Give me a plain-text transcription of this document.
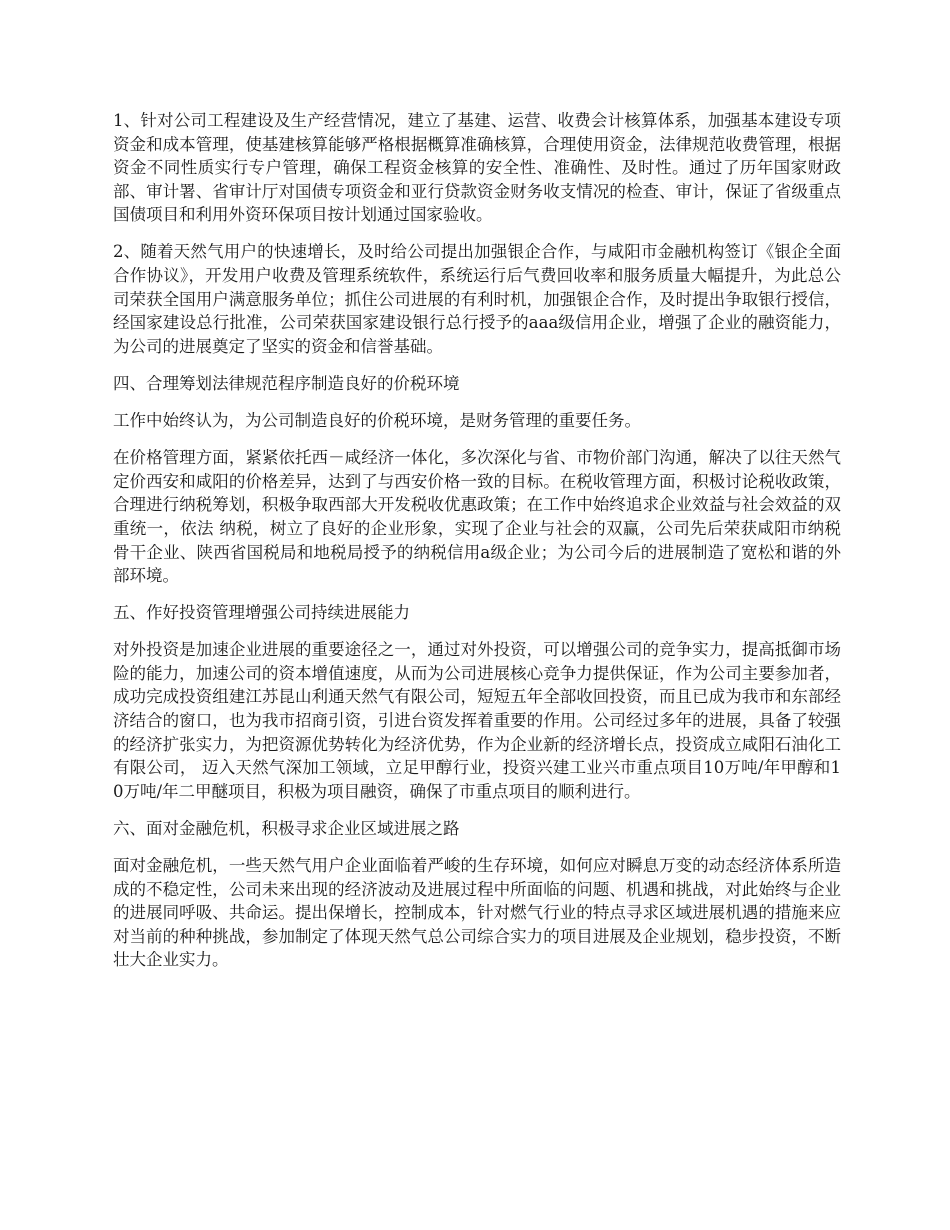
1、针对公司工程建设及生产经营情况，建立了基建、运营、收费会计核算体系，加强基本建设专项资金和成本管理，使基建核算能够严格根据概算准确核算，合理使用资金，法律规范收费管理，根据资金不同性质实行专户管理，确保工程资金核算的安全性、准确性、及时性。通过了历年国家财政部、审计署、省审计厅对国债专项资金和亚行贷款资金财务收支情况的检查、审计，保证了省级重点国债项目和利用外资环保项目按计划通过国家验收。

2、随着天然气用户的快速增长，及时给公司提出加强银企合作，与咸阳市金融机构签订《银企全面合作协议》，开发用户收费及管理系统软件，系统运行后气费回收率和服务质量大幅提升，为此总公司荣获全国用户满意服务单位；抓住公司进展的有利时机，加强银企合作，及时提出争取银行授信，经国家建设总行批准，公司荣获国家建设银行总行授予的aaa级信用企业，增强了企业的融资能力，为公司的进展奠定了坚实的资金和信誉基础。

四、合理筹划法律规范程序制造良好的价税环境

工作中始终认为，为公司制造良好的价税环境，是财务管理的重要任务。

在价格管理方面，紧紧依托西－咸经济一体化，多次深化与省、市物价部门沟通，解决了以往天然气定价西安和咸阳的价格差异，达到了与西安价格一致的目标。在税收管理方面，积极讨论税收政策，合理进行纳税筹划，积极争取西部大开发税收优惠政策；在工作中始终追求企业效益与社会效益的双重统一，依法 纳税，树立了良好的企业形象，实现了企业与社会的双赢，公司先后荣获咸阳市纳税骨干企业、陕西省国税局和地税局授予的纳税信用a级企业；为公司今后的进展制造了宽松和谐的外部环境。

五、作好投资管理增强公司持续进展能力

对外投资是加速企业进展的重要途径之一，通过对外投资，可以增强公司的竞争实力，提高抵御市场险的能力，加速公司的资本增值速度，从而为公司进展核心竞争力提供保证，作为公司主要参加者，成功完成投资组建江苏昆山利通天然气有限公司，短短五年全部收回投资，而且已成为我市和东部经济结合的窗口，也为我市招商引资，引进台资发挥着重要的作用。公司经过多年的进展，具备了较强的经济扩张实力，为把资源优势转化为经济优势，作为企业新的经济增长点，投资成立咸阳石油化工有限公司， 迈入天然气深加工领域，立足甲醇行业，投资兴建工业兴市重点项目10万吨/年甲醇和10万吨/年二甲醚项目，积极为项目融资，确保了市重点项目的顺利进行。

六、面对金融危机，积极寻求企业区域进展之路

面对金融危机，一些天然气用户企业面临着严峻的生存环境，如何应对瞬息万变的动态经济体系所造成的不稳定性，公司未来出现的经济波动及进展过程中所面临的问题、机遇和挑战，对此始终与企业的进展同呼吸、共命运。提出保增长，控制成本，针对燃气行业的特点寻求区域进展机遇的措施来应对当前的种种挑战，参加制定了体现天然气总公司综合实力的项目进展及企业规划，稳步投资，不断壮大企业实力。
